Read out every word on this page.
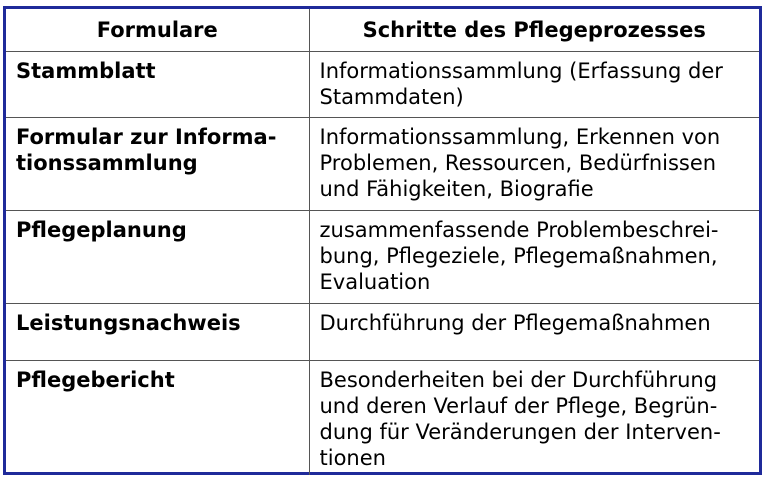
Formulare	Schritte des Pflegeprozesses
Stammblatt	Informationssammlung (Erfassung der Stammdaten)
Formular zur Informationssammlung	Informationssammlung, Erkennen von Problemen, Ressourcen, Bedürfnissen und Fähigkeiten, Biografie
Pflegeplanung	zusammenfassende Problembeschreibung, Pflegeziele, Pflegemaßnahmen, Evaluation
Leistungsnachweis	Durchführung der Pflegemaßnahmen
Pflegebericht	Besonderheiten bei der Durchführung und deren Verlauf der Pflege, Begründung für Veränderungen der Interventionen
